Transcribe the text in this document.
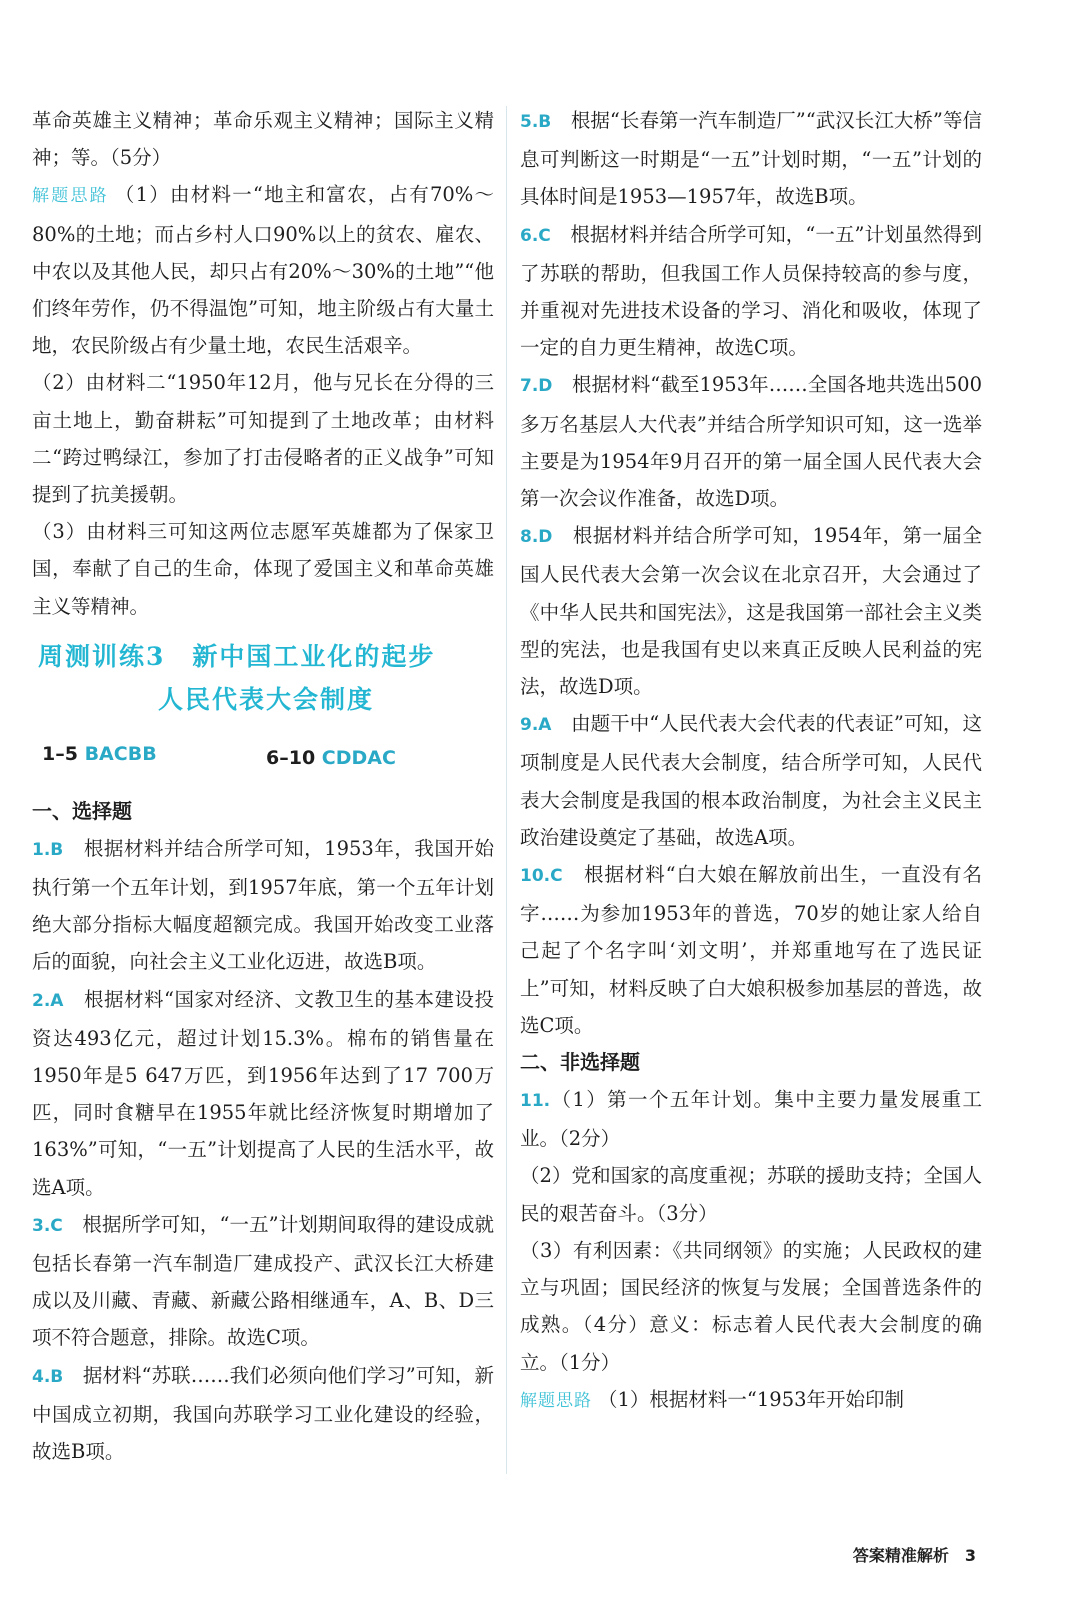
革命英雄主义精神；革命乐观主义精神；国际主义精神；等。（5分）

解题思路 （1）由材料一“地主和富农，占有70%～80%的土地；而占乡村人口90%以上的贫农、雇农、中农以及其他人民，却只占有20%～30%的土地”“他们终年劳作，仍不得温饱”可知，地主阶级占有大量土地，农民阶级占有少量土地，农民生活艰辛。

（2）由材料二“1950年12月，他与兄长在分得的三亩土地上，勤奋耕耘”可知提到了土地改革；由材料二“跨过鸭绿江，参加了打击侵略者的正义战争”可知提到了抗美援朝。

（3）由材料三可知这两位志愿军英雄都为了保家卫国，奉献了自己的生命，体现了爱国主义和革命英雄主义等精神。

周测训练3　新中国工业化的起步

人民代表大会制度

1–5 BACBB	6–10 CDDAC

一、选择题

1.B　 根据材料并结合所学可知，1953年，我国开始执行第一个五年计划，到1957年底，第一个五年计划绝大部分指标大幅度超额完成。我国开始改变工业落后的面貌，向社会主义工业化迈进，故选B项。

2.A　 根据材料“国家对经济、文教卫生的基本建设投资达493亿元，超过计划15.3%。棉布的销售量在1950年是5 647万匹，到1956年达到了17 700万匹，同时食糖早在1955年就比经济恢复时期增加了163%”可知，“一五”计划提高了人民的生活水平，故选A项。

3.C　 根据所学可知，“一五”计划期间取得的建设成就包括长春第一汽车制造厂建成投产、武汉长江大桥建成以及川藏、青藏、新藏公路相继通车，A、B、D三项不符合题意，排除。故选C项。

4.B　 据材料“苏联……我们必须向他们学习”可知，新中国成立初期，我国向苏联学习工业化建设的经验，故选B项。

5.B　 根据“长春第一汽车制造厂”“武汉长江大桥”等信息可判断这一时期是“一五”计划时期，“一五”计划的具体时间是1953—1957年，故选B项。

6.C　 根据材料并结合所学可知，“一五”计划虽然得到了苏联的帮助，但我国工作人员保持较高的参与度，并重视对先进技术设备的学习、消化和吸收，体现了一定的自力更生精神，故选C项。

7.D　 根据材料“截至1953年……全国各地共选出500多万名基层人大代表”并结合所学知识可知，这一选举主要是为1954年9月召开的第一届全国人民代表大会第一次会议作准备，故选D项。

8.D　 根据材料并结合所学可知，1954年，第一届全国人民代表大会第一次会议在北京召开，大会通过了《中华人民共和国宪法》，这是我国第一部社会主义类型的宪法，也是我国有史以来真正反映人民利益的宪法，故选D项。

9.A　 由题干中“人民代表大会代表的代表证”可知，这项制度是人民代表大会制度，结合所学可知，人民代表大会制度是我国的根本政治制度，为社会主义民主政治建设奠定了基础，故选A项。

10.C　 根据材料“白大娘在解放前出生，一直没有名字……为参加1953年的普选，70岁的她让家人给自己起了个名字叫‘刘文明’，并郑重地写在了选民证上”可知，材料反映了白大娘积极参加基层的普选，故选C项。

二、非选择题

11.（1）第一个五年计划。集中主要力量发展重工业。（2分）

（2）党和国家的高度重视；苏联的援助支持；全国人民的艰苦奋斗。（3分）

（3）有利因素：《共同纲领》的实施；人民政权的建立与巩固；国民经济的恢复与发展；全国普选条件的成熟。（4分）意义：标志着人民代表大会制度的确立。（1分）

解题思路 （1）根据材料一“1953年开始印制

答案精准解析 3
